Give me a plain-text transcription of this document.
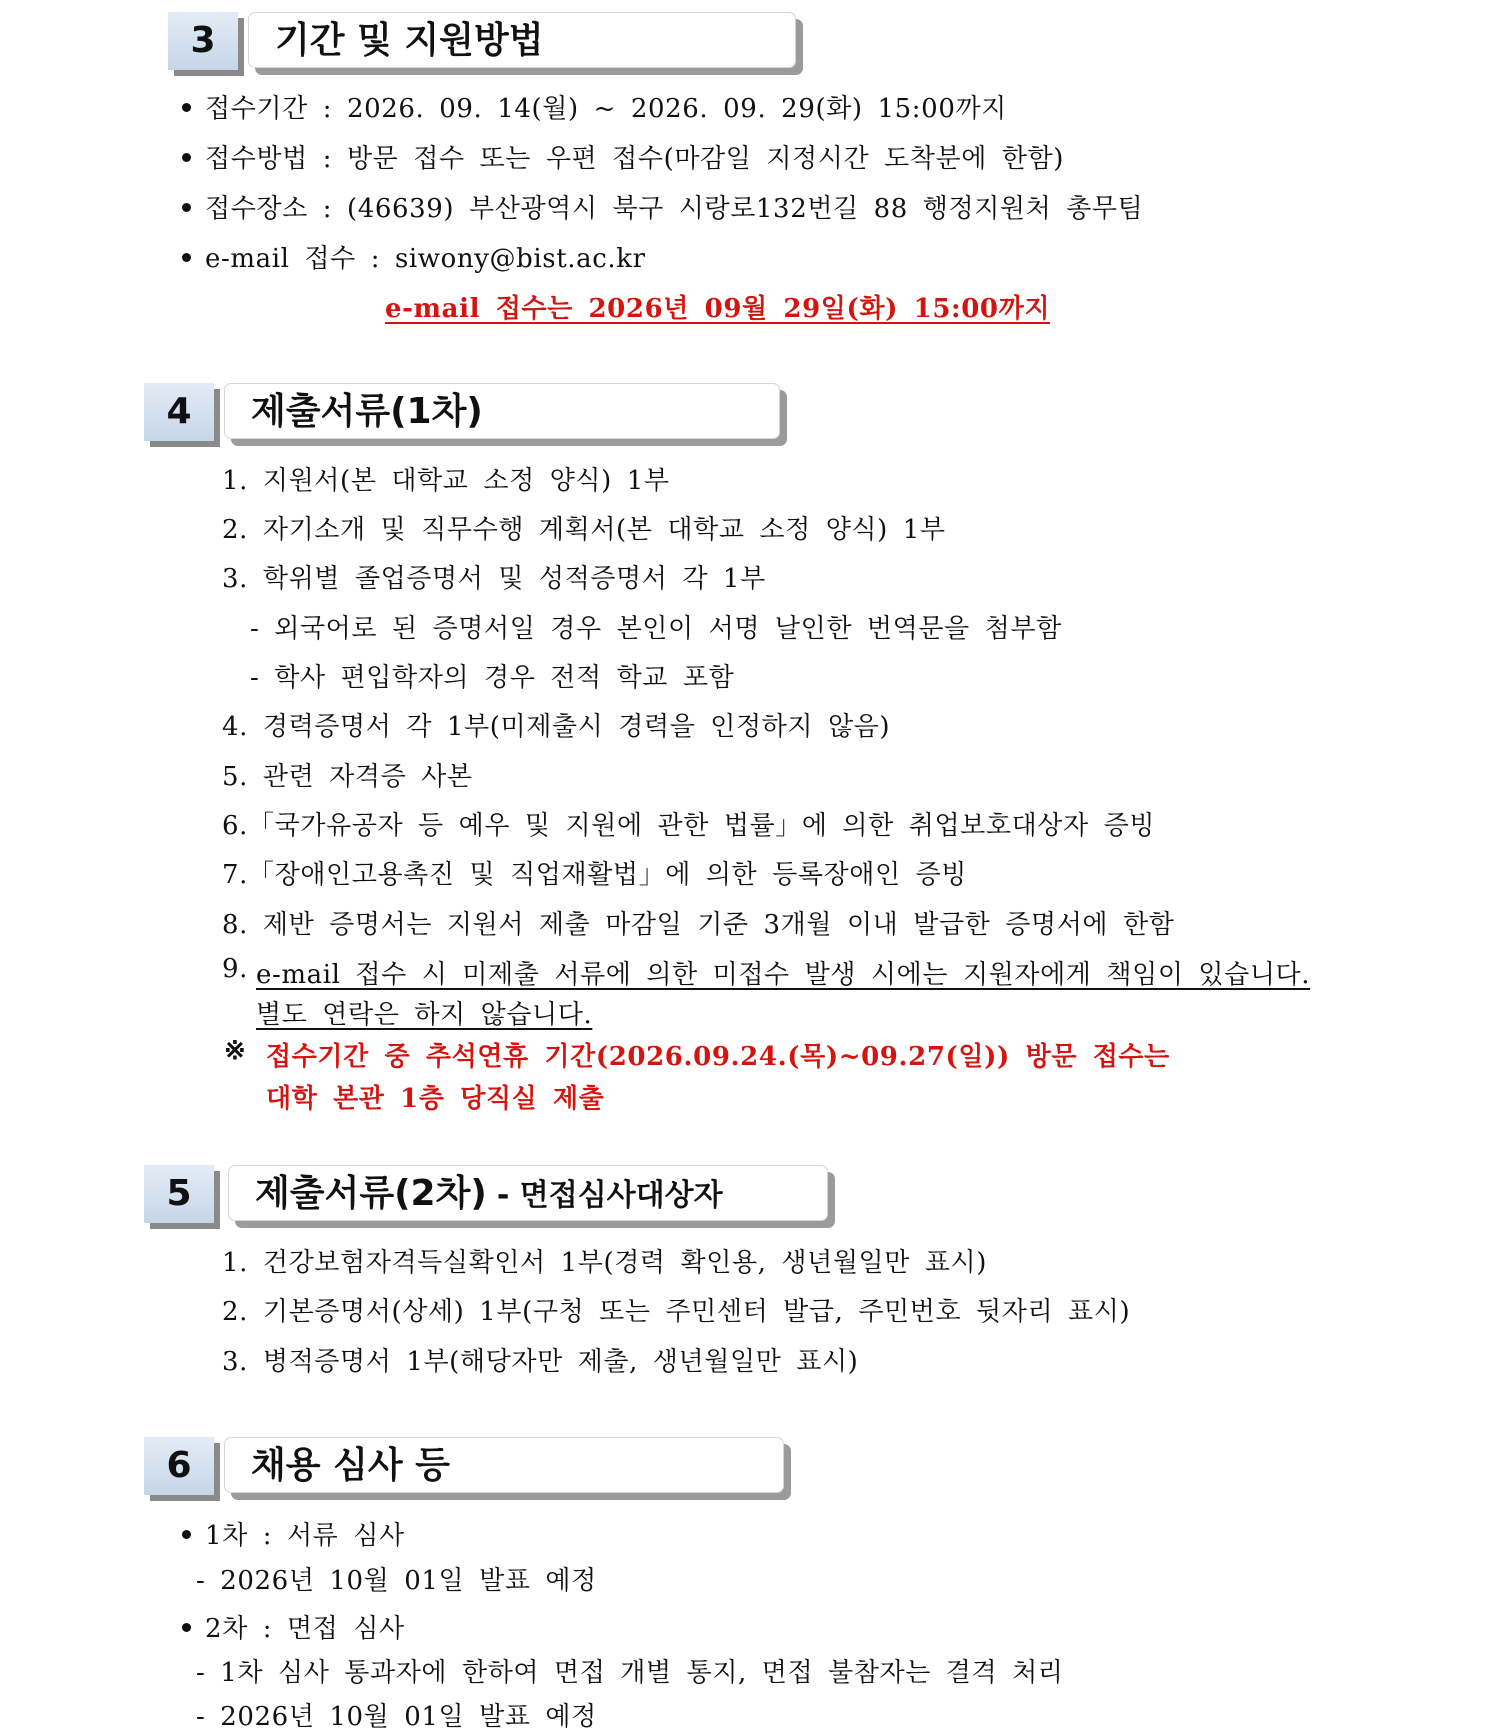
3	기간 및 지원방법
접수기간 : 2026. 09. 14(월) ~ 2026. 09. 29(화) 15:00까지
접수방법 : 방문 접수 또는 우편 접수(마감일 지정시간 도착분에 한함)
접수장소 : (46639) 부산광역시 북구 시랑로132번길 88 행정지원처 총무팀
e-mail 접수 : siwony@bist.ac.kr
e-mail 접수는 2026년 09월 29일(화) 15:00까지
4	제출서류(1차)
1. 지원서(본 대학교 소정 양식) 1부
2. 자기소개 및 직무수행 계획서(본 대학교 소정 양식) 1부
3. 학위별 졸업증명서 및 성적증명서 각 1부
- 외국어로 된 증명서일 경우 본인이 서명 날인한 번역문을 첨부함
- 학사 편입학자의 경우 전적 학교 포함
4. 경력증명서 각 1부(미제출시 경력을 인정하지 않음)
5. 관련 자격증 사본
6.「국가유공자 등 예우 및 지원에 관한 법률」에 의한 취업보호대상자 증빙
7.「장애인고용촉진 및 직업재활법」에 의한 등록장애인 증빙
8. 제반 증명서는 지원서 제출 마감일 기준 3개월 이내 발급한 증명서에 한함
9. e-mail 접수 시 미제출 서류에 의한 미접수 발생 시에는 지원자에게 책임이 있습니다.
별도 연락은 하지 않습니다.
※ 접수기간 중 추석연휴 기간(2026.09.24.(목)~09.27(일)) 방문 접수는
대학 본관 1층 당직실 제출
5	제출서류(2차) - 면접심사대상자
1. 건강보험자격득실확인서 1부(경력 확인용, 생년월일만 표시)
2. 기본증명서(상세) 1부(구청 또는 주민센터 발급, 주민번호 뒷자리 표시)
3. 병적증명서 1부(해당자만 제출, 생년월일만 표시)
6	채용 심사 등
1차 : 서류 심사
- 2026년 10월 01일 발표 예정
2차 : 면접 심사
- 1차 심사 통과자에 한하여 면접 개별 통지, 면접 불참자는 결격 처리
- 2026년 10월 01일 발표 예정
